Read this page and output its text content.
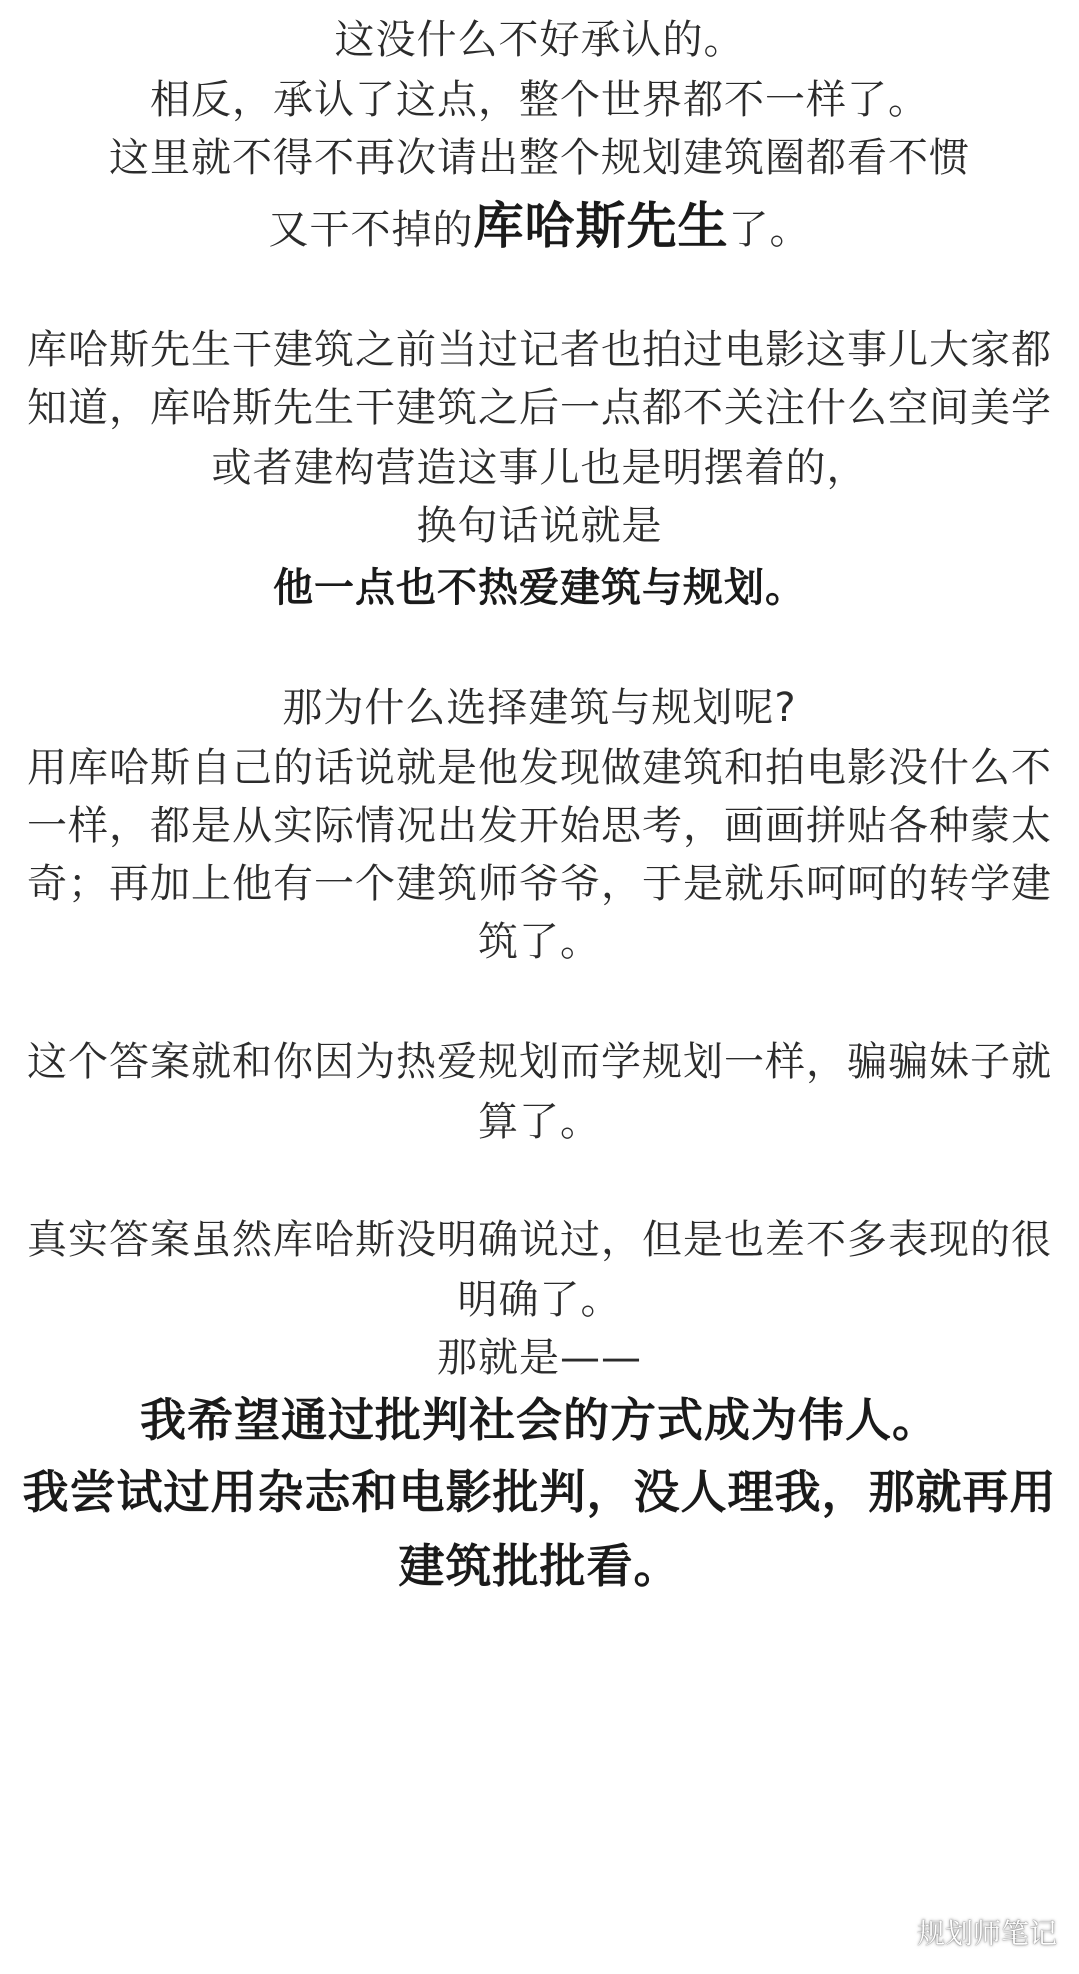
这没什么不好承认的。
相反，承认了这点，整个世界都不一样了。
这里就不得不再次请出整个规划建筑圈都看不惯
又干不掉的库哈斯先生了。
库哈斯先生干建筑之前当过记者也拍过电影这事儿大家都
知道，库哈斯先生干建筑之后一点都不关注什么空间美学
或者建构营造这事儿也是明摆着的，
换句话说就是
他一点也不热爱建筑与规划。
那为什么选择建筑与规划呢?
用库哈斯自己的话说就是他发现做建筑和拍电影没什么不
一样，都是从实际情况出发开始思考，画画拼贴各种蒙太
奇；再加上他有一个建筑师爷爷，于是就乐呵呵的转学建
筑了。
这个答案就和你因为热爱规划而学规划一样，骗骗妹子就
算了。
真实答案虽然库哈斯没明确说过，但是也差不多表现的很
明确了。
那就是——
我希望通过批判社会的方式成为伟人。
我尝试过用杂志和电影批判，没人理我，那就再用
建筑批批看。
规划师笔记
